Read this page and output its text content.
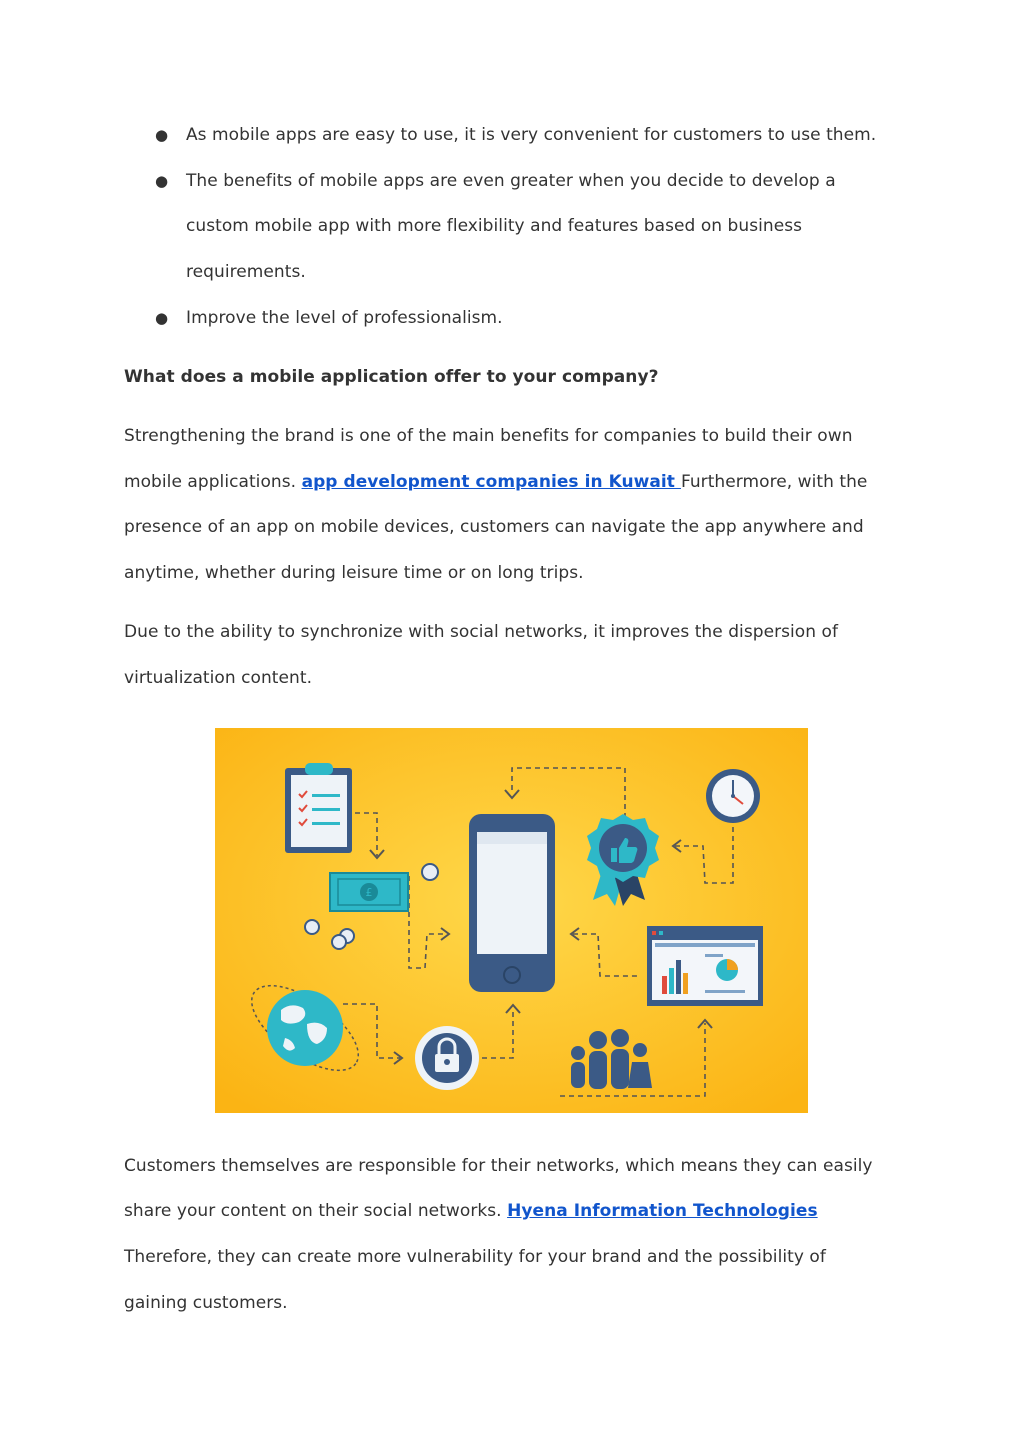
● As mobile apps are easy to use, it is very convenient for customers to use them.
● The benefits of mobile apps are even greater when you decide to develop a
custom mobile app with more flexibility and features based on business
requirements.
● Improve the level of professionalism.
What does a mobile application offer to your company?
Strengthening the brand is one of the main benefits for companies to build their own
mobile applications. app development companies in Kuwait Furthermore, with the
presence of an app on mobile devices, customers can navigate the app anywhere and
anytime, whether during leisure time or on long trips.
Due to the ability to synchronize with social networks, it improves the dispersion of
virtualization content.
£
Customers themselves are responsible for their networks, which means they can easily
share your content on their social networks. Hyena Information Technologies
Therefore, they can create more vulnerability for your brand and the possibility of
gaining customers.
